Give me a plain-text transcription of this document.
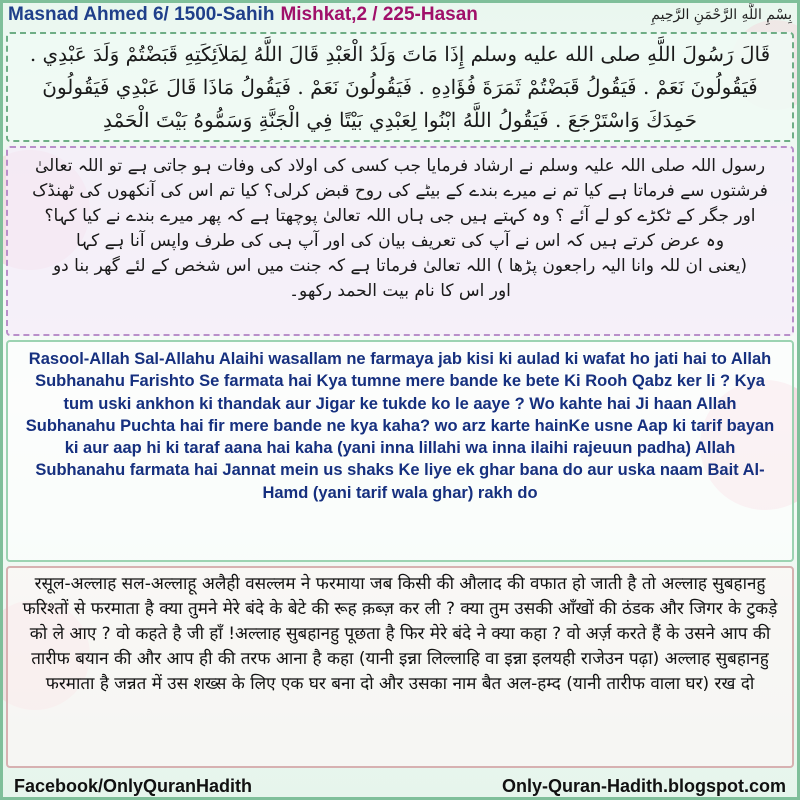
Masnad Ahmed 6/ 1500-Sahih Mishkat,2 / 225-Hasan	بِسْمِ اللَّهِ الرَّحْمَنِ الرَّحِيمِ
قَالَ رَسُولَ اللَّهِ صلى الله عليه وسلم إِذَا مَاتَ وَلَدُ الْعَبْدِ قَالَ اللَّهُ لِمَلاَئِكَتِهِ قَبَضْتُمْ وَلَدَ عَبْدِي . فَيَقُولُونَ نَعَمْ . فَيَقُولُ قَبَضْتُمْ ثَمَرَةَ فُؤَادِهِ . فَيَقُولُونَ نَعَمْ . فَيَقُولُ مَاذَا قَالَ عَبْدِي فَيَقُولُونَ حَمِدَكَ وَاسْتَرْجَعَ . فَيَقُولُ اللَّهُ ابْنُوا لِعَبْدِي بَيْتًا فِي الْجَنَّةِ وَسَمُّوهُ بَيْتَ الْحَمْدِ
رسول اللہ صلی اللہ علیہ وسلم نے ارشاد فرمایا جب کسی کی اولاد کی وفات ہو جاتی ہے تو اللہ تعالیٰ
فرشتوں سے فرماتا ہے کیا تم نے میرے بندے کے بیٹے کی روح قبض کرلی؟ کیا تم اس کی آنکھوں کی ٹھنڈک
اور جگر کے ٹکڑے کو لے آئے ؟ وہ کہتے ہیں جی ہاں اللہ تعالیٰ پوچھتا ہے کہ پھر میرے بندے نے کیا کہا؟
وہ عرض کرتے ہیں کہ اس نے آپ کی تعریف بیان کی اور آپ ہی کی طرف واپس آنا ہے کہا
(یعنی ان للہ وانا الیہ راجعون پڑھا ) اللہ تعالیٰ فرماتا ہے کہ جنت میں اس شخص کے لئے گھر بنا دو
اور اس کا نام بیت الحمد رکھو۔
Rasool-Allah Sal-Allahu Alaihi wasallam ne farmaya jab kisi ki aulad ki wafat ho jati hai to Allah Subhanahu Farishto Se farmata hai Kya tumne mere bande ke bete Ki Rooh Qabz ker li ? Kya tum uski ankhon ki thandak aur Jigar ke tukde ko le aaye ? Wo kahte hai Ji haan Allah Subhanahu Puchta hai fir mere bande ne kya kaha? wo arz karte hainKe usne Aap ki tarif bayan ki aur aap hi ki taraf aana hai kaha (yani inna lillahi wa inna ilaihi rajeuun padha) Allah Subhanahu farmata hai Jannat mein us shaks Ke liye ek ghar bana do aur uska naam Bait Al-Hamd (yani tarif wala ghar) rakh do
रसूल-अल्लाह सल-अल्लाहू अलैही वसल्लम ने फरमाया जब किसी की औलाद की वफात हो जाती है तो अल्लाह सुबहानहु फरिश्तों से फरमाता है क्या तुमने मेरे बंदे के बेटे की रूह क़ब्ज़ कर ली ? क्या तुम उसकी आँखों की ठंडक और जिगर के टुकड़े को ले आए ? वो कहते है जी हाँ !अल्लाह सुबहानहु पूछता है फिर मेरे बंदे ने क्या कहा ? वो अर्ज़ करते हैं के उसने आप की तारीफ बयान की और आप ही की तरफ आना है कहा (यानी इन्ना लिल्लाहि वा इन्ना इलयही राजेउन पढ़ा) अल्लाह सुबहानहु फरमाता है जन्नत में उस शख्स के लिए एक घर बना दो और उसका नाम बैत अल-हम्द (यानी तारीफ वाला घर) रख दो
Facebook/OnlyQuranHadith	Only-Quran-Hadith.blogspot.com
